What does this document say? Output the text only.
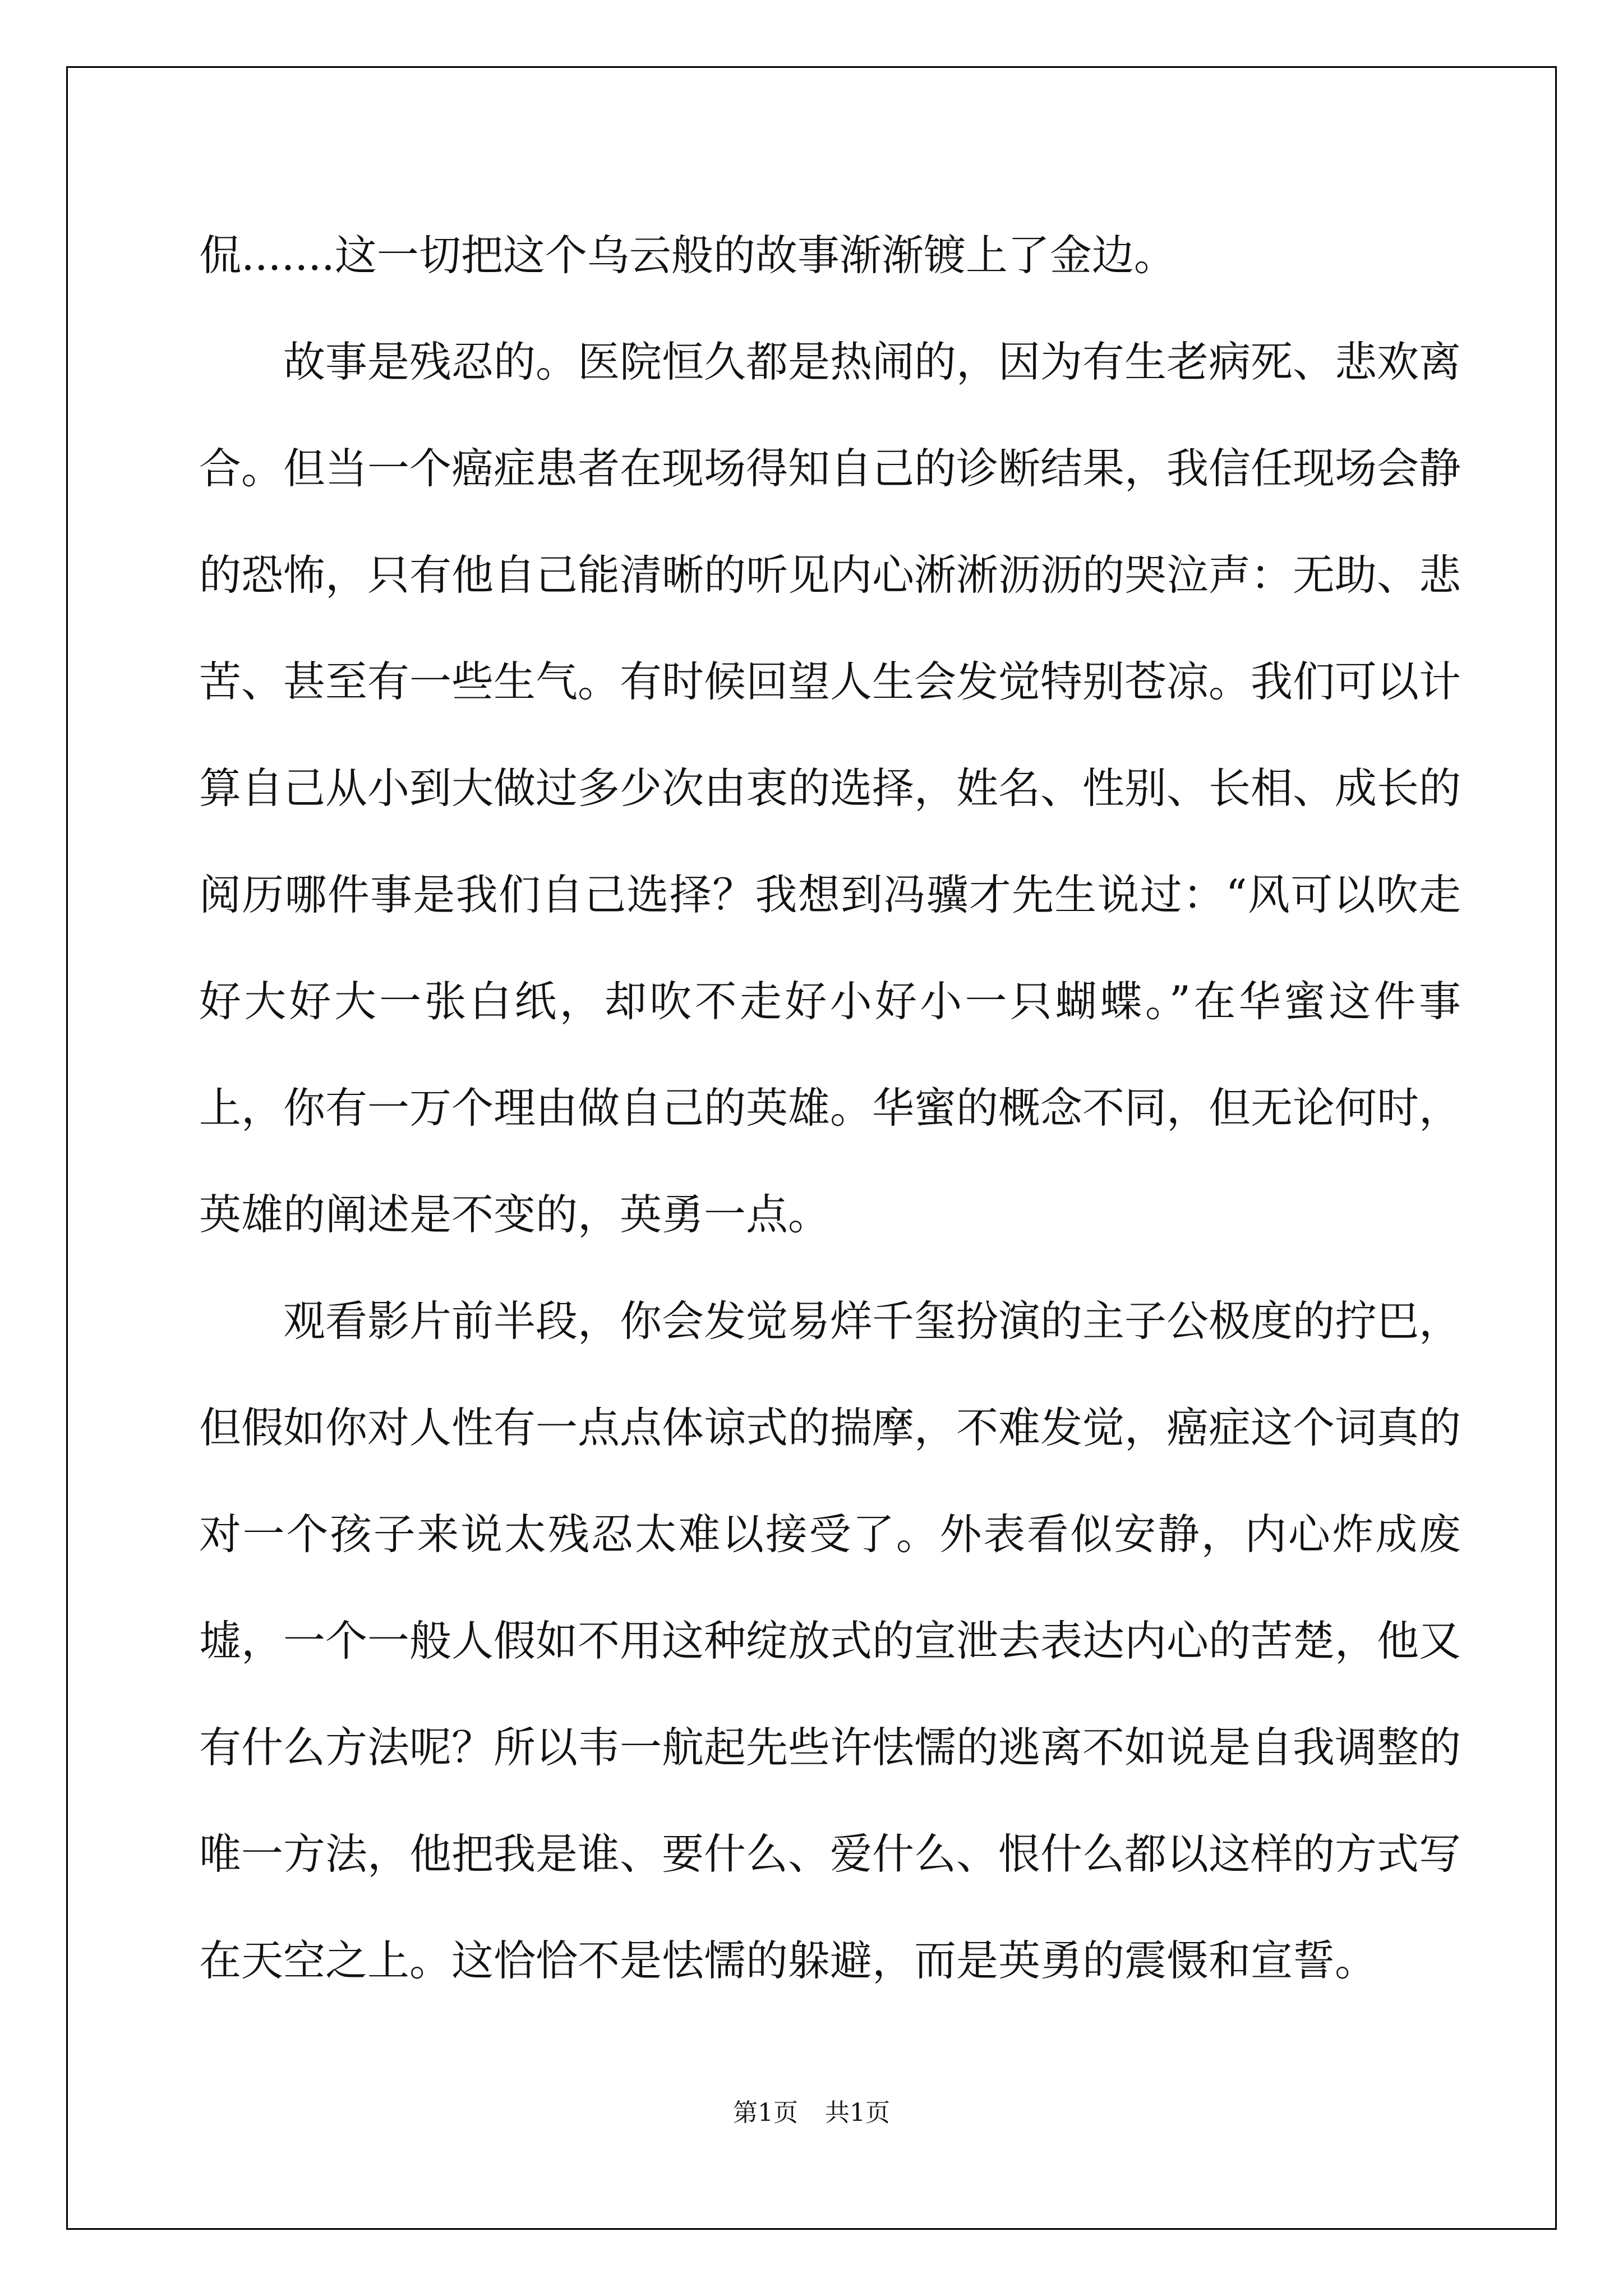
侃.......这一切把这个乌云般的故事渐渐镀上了金边。

故事是残忍的。医院恒久都是热闹的，因为有生老病死、悲欢离合。但当一个癌症患者在现场得知自己的诊断结果，我信任现场会静的恐怖，只有他自己能清晰的听见内心淅淅沥沥的哭泣声：无助、悲苦、甚至有一些生气。有时候回望人生会发觉特别苍凉。我们可以计算自己从小到大做过多少次由衷的选择，姓名、性别、长相、成长的阅历哪件事是我们自己选择？我想到冯骥才先生说过：“风可以吹走好大好大一张白纸，却吹不走好小好小一只蝴蝶。”在华蜜这件事上，你有一万个理由做自己的英雄。华蜜的概念不同，但无论何时，英雄的阐述是不变的，英勇一点。

观看影片前半段，你会发觉易烊千玺扮演的主子公极度的拧巴，但假如你对人性有一点点体谅式的揣摩，不难发觉，癌症这个词真的对一个孩子来说太残忍太难以接受了。外表看似安静，内心炸成废墟，一个一般人假如不用这种绽放式的宣泄去表达内心的苦楚，他又有什么方法呢？所以韦一航起先些许怯懦的逃离不如说是自我调整的唯一方法，他把我是谁、要什么、爱什么、恨什么都以这样的方式写在天空之上。这恰恰不是怯懦的躲避，而是英勇的震慑和宣誓。

第1页 共1页
